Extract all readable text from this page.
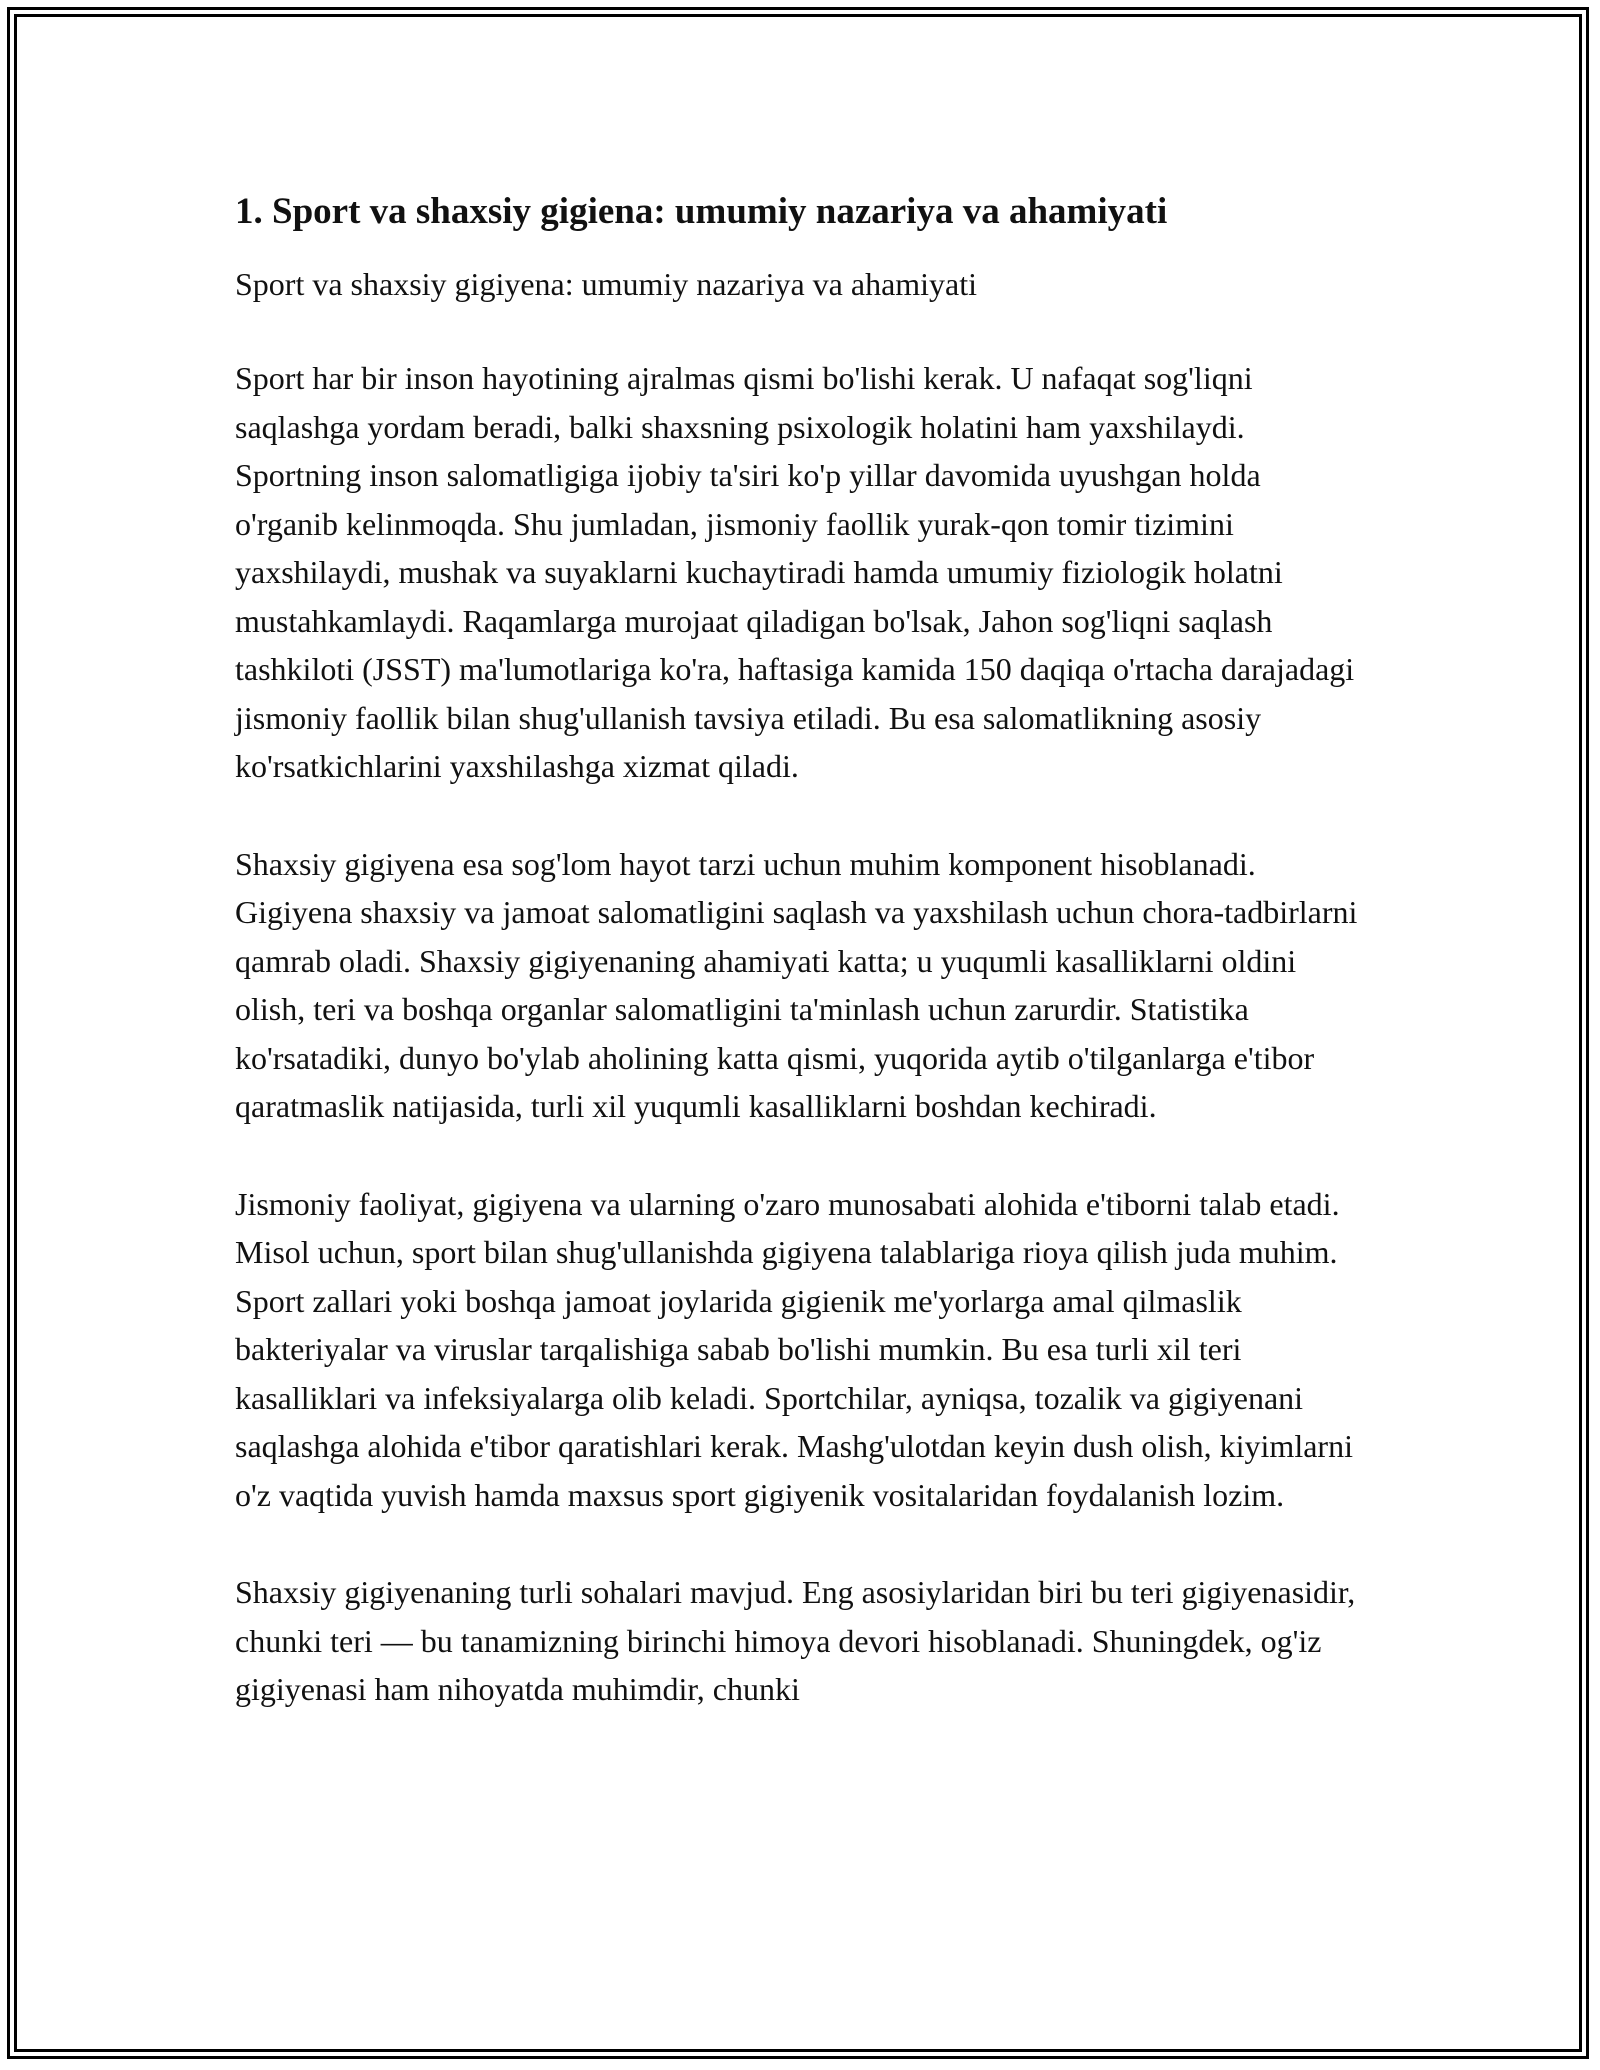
1. Sport va shaxsiy gigiena: umumiy nazariya va ahamiyati

Sport va shaxsiy gigiyena: umumiy nazariya va ahamiyati

Sport har bir inson hayotining ajralmas qismi bo'lishi kerak. U nafaqat sog'liqni saqlashga yordam beradi, balki shaxsning psixologik holatini ham yaxshilaydi. Sportning inson salomatligiga ijobiy ta'siri ko'p yillar davomida uyushgan holda o'rganib kelinmoqda. Shu jumladan, jismoniy faollik yurak-qon tomir tizimini yaxshilaydi, mushak va suyaklarni kuchaytiradi hamda umumiy fiziologik holatni mustahkamlaydi. Raqamlarga murojaat qiladigan bo'lsak, Jahon sog'liqni saqlash tashkiloti (JSST) ma'lumotlariga ko'ra, haftasiga kamida 150 daqiqa o'rtacha darajadagi jismoniy faollik bilan shug'ullanish tavsiya etiladi. Bu esa salomatlikning asosiy ko'rsatkichlarini yaxshilashga xizmat qiladi.

Shaxsiy gigiyena esa sog'lom hayot tarzi uchun muhim komponent hisoblanadi. Gigiyena shaxsiy va jamoat salomatligini saqlash va yaxshilash uchun chora-tadbirlarni qamrab oladi. Shaxsiy gigiyenaning ahamiyati katta; u yuqumli kasalliklarni oldini olish, teri va boshqa organlar salomatligini ta'minlash uchun zarurdir. Statistika ko'rsatadiki, dunyo bo'ylab aholining katta qismi, yuqorida aytib o'tilganlarga e'tibor qaratmaslik natijasida, turli xil yuqumli kasalliklarni boshdan kechiradi.

Jismoniy faoliyat, gigiyena va ularning o'zaro munosabati alohida e'tiborni talab etadi. Misol uchun, sport bilan shug'ullanishda gigiyena talablariga rioya qilish juda muhim. Sport zallari yoki boshqa jamoat joylarida gigienik me'yorlarga amal qilmaslik bakteriyalar va viruslar tarqalishiga sabab bo'lishi mumkin. Bu esa turli xil teri kasalliklari va infeksiyalarga olib keladi. Sportchilar, ayniqsa, tozalik va gigiyenani saqlashga alohida e'tibor qaratishlari kerak. Mashg'ulotdan keyin dush olish, kiyimlarni o'z vaqtida yuvish hamda maxsus sport gigiyenik vositalaridan foydalanish lozim.

Shaxsiy gigiyenaning turli sohalari mavjud. Eng asosiylaridan biri bu teri gigiyenasidir, chunki teri — bu tanamizning birinchi himoya devori hisoblanadi. Shuningdek, og'iz gigiyenasi ham nihoyatda muhimdir, chunki
